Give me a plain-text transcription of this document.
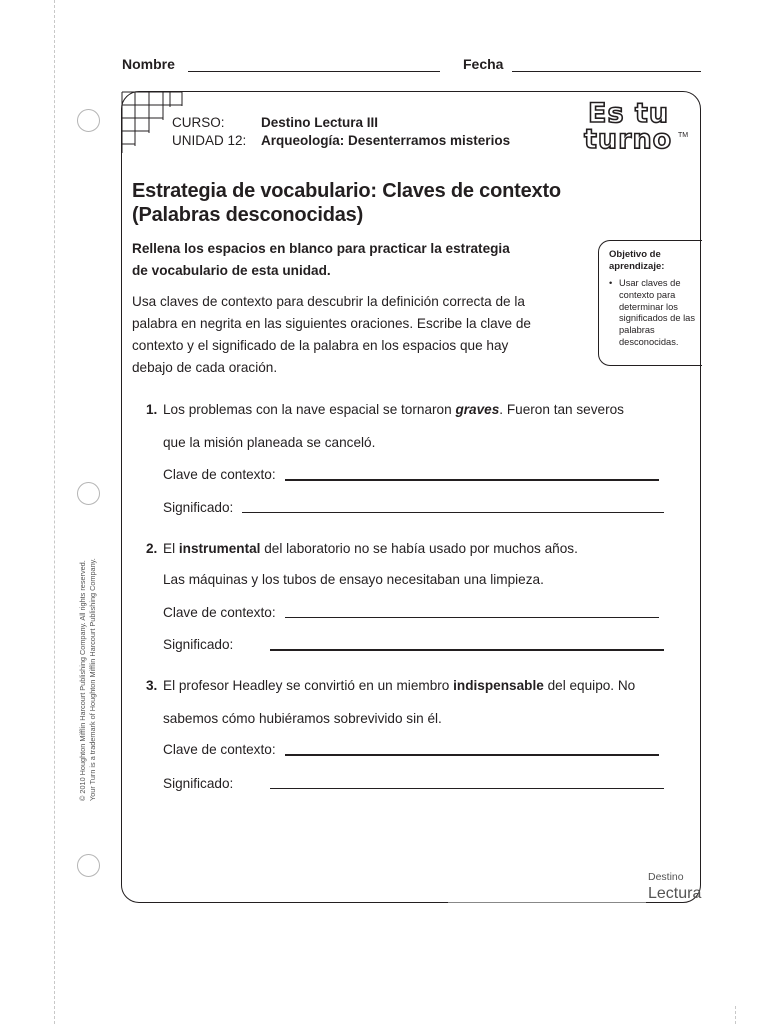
© 2010 Houghton Mifflin Harcourt Publishing Company. All rights reserved. Your Turn is a trademark of Houghton Mifflin Harcourt Publishing Company.
Nombre	Fecha
CURSO:	Destino Lectura III
UNIDAD 12: Arqueología: Desenterramos misterios
Es tu
turno TM
Estrategia de vocabulario: Claves de contexto
(Palabras desconocidas)
Rellena los espacios en blanco para practicar la estrategia
de vocabulario de esta unidad.
Usa claves de contexto para descubrir la definición correcta de la
palabra en negrita en las siguientes oraciones. Escribe la clave de
contexto y el significado de la palabra en los espacios que hay
debajo de cada oración.
Objetivo de aprendizaje:
• Usar claves de contexto para determinar los significados de las palabras desconocidas.
1. Los problemas con la nave espacial se tornaron graves. Fueron tan severos
que la misión planeada se canceló.
Clave de contexto:
Significado:
2. El instrumental del laboratorio no se había usado por muchos años.
Las máquinas y los tubos de ensayo necesitaban una limpieza.
Clave de contexto:
Significado:
3. El profesor Headley se convirtió en un miembro indispensable del equipo. No
sabemos cómo hubiéramos sobrevivido sin él.
Clave de contexto:
Significado:
Destino
Lectura
